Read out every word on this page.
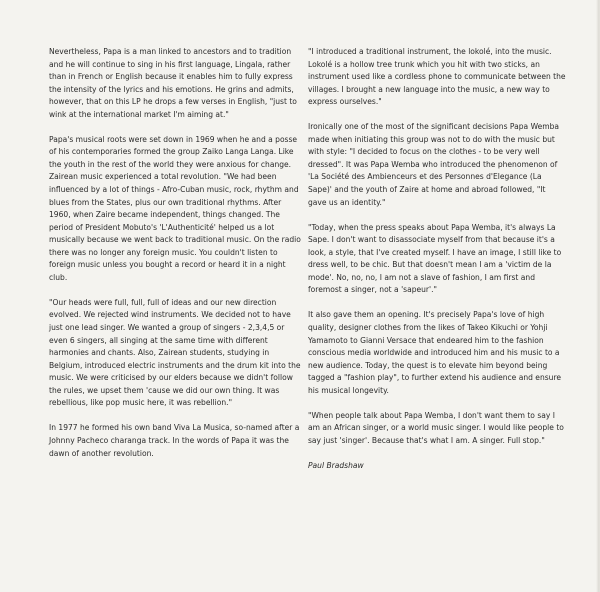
Nevertheless, Papa is a man linked to ancestors and to tradition and he will continue to sing in his first language, Lingala, rather than in French or English because it enables him to fully express the intensity of the lyrics and his emotions. He grins and admits, however, that on this LP he drops a few verses in English, "just to wink at the international market I'm aiming at."

Papa's musical roots were set down in 1969 when he and a posse of his contemporaries formed the group Zaiko Langa Langa. Like the youth in the rest of the world they were anxious for change. Zairean music experienced a total revolution. "We had been influenced by a lot of things - Afro-Cuban music, rock, rhythm and blues from the States, plus our own traditional rhythms. After 1960, when Zaire became independent, things changed. The period of President Mobuto's 'L'Authenticité' helped us a lot musically because we went back to traditional music. On the radio there was no longer any foreign music. You couldn't listen to foreign music unless you bought a record or heard it in a night club.

"Our heads were full, full, full of ideas and our new direction evolved. We rejected wind instruments. We decided not to have just one lead singer. We wanted a group of singers - 2,3,4,5 or even 6 singers, all singing at the same time with different harmonies and chants. Also, Zairean students, studying in Belgium, introduced electric instruments and the drum kit into the music. We were criticised by our elders because we didn't follow the rules, we upset them 'cause we did our own thing. It was rebellious, like pop music here, it was rebellion."

In 1977 he formed his own band Viva La Musica, so-named after a Johnny Pacheco charanga track. In the words of Papa it was the dawn of another revolution.

"I introduced a traditional instrument, the lokolé, into the music. Lokolé is a hollow tree trunk which you hit with two sticks, an instrument used like a cordless phone to communicate between the villages. I brought a new language into the music, a new way to express ourselves."

Ironically one of the most of the significant decisions Papa Wemba made when initiating this group was not to do with the music but with style: "I decided to focus on the clothes - to be very well dressed". It was Papa Wemba who introduced the phenomenon of 'La Société des Ambienceurs et des Personnes d'Elegance (La Sape)' and the youth of Zaire at home and abroad followed, "It gave us an identity."

"Today, when the press speaks about Papa Wemba, it's always La Sape. I don't want to disassociate myself from that because it's a look, a style, that I've created myself. I have an image, I still like to dress well, to be chic. But that doesn't mean I am a 'victim de la mode'. No, no, no, I am not a slave of fashion, I am first and foremost a singer, not a 'sapeur'."

It also gave them an opening. It's precisely Papa's love of high quality, designer clothes from the likes of Takeo Kikuchi or Yohji Yamamoto to Gianni Versace that endeared him to the fashion conscious media worldwide and introduced him and his music to a new audience. Today, the quest is to elevate him beyond being tagged a "fashion play", to further extend his audience and ensure his musical longevity.

"When people talk about Papa Wemba, I don't want them to say I am an African singer, or a world music singer. I would like people to say just 'singer'. Because that's what I am. A singer. Full stop."

Paul Bradshaw
